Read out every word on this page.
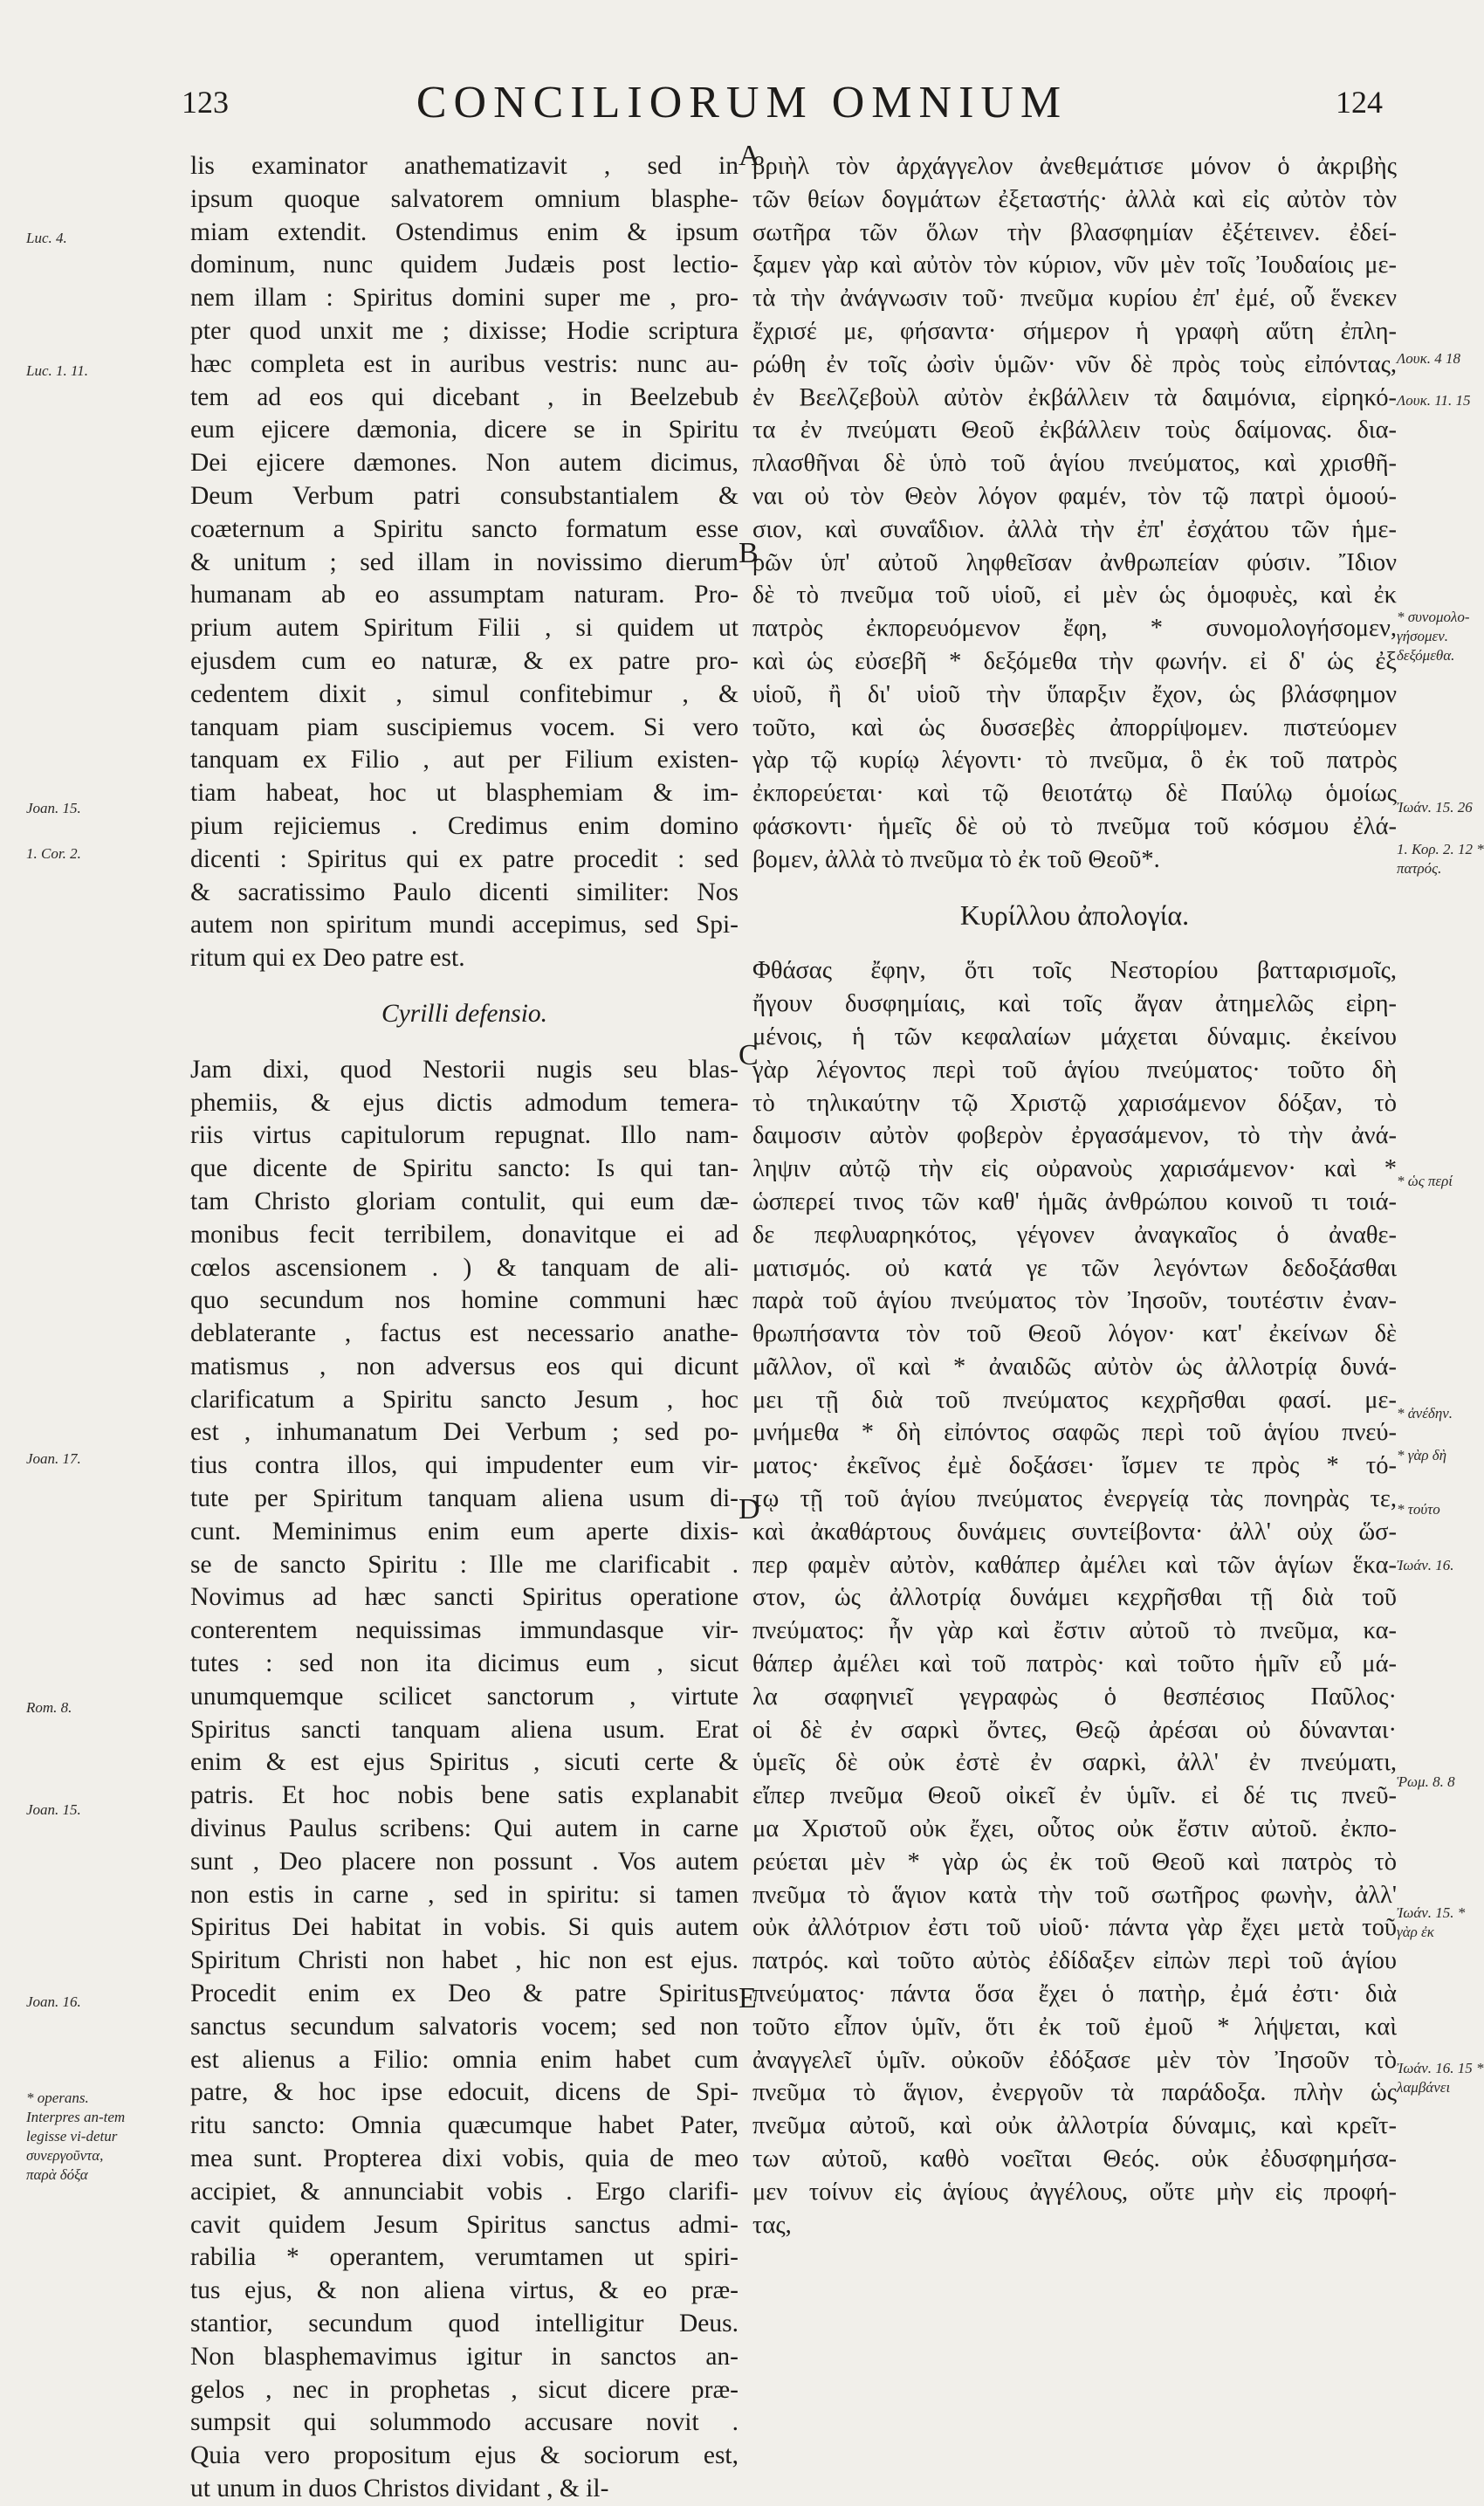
123	CONCILIORUM OMNIUM	124
A
B
C
D
E
lis examinator anathematizavit , sed in
ipsum quoque salvatorem omnium blasphe-
miam extendit. Ostendimus enim & ipsum
dominum, nunc quidem Judæis post lectio-
nem illam : Spiritus domini super me , pro-
pter quod unxit me ; dixisse; Hodie scriptura
hæc completa est in auribus vestris: nunc au-
tem ad eos qui dicebant , in Beelzebub
eum ejicere dæmonia, dicere se in Spiritu
Dei ejicere dæmones. Non autem dicimus,
Deum Verbum patri consubstantialem &
coæternum a Spiritu sancto formatum esse
& unitum ; sed illam in novissimo dierum
humanam ab eo assumptam naturam. Pro-
prium autem Spiritum Filii , si quidem ut
ejusdem cum eo naturæ, & ex patre pro-
cedentem dixit , simul confitebimur , &
tanquam piam suscipiemus vocem. Si vero
tanquam ex Filio , aut per Filium existen-
tiam habeat, hoc ut blasphemiam & im-
pium rejiciemus . Credimus enim domino
dicenti : Spiritus qui ex patre procedit : sed
& sacratissimo Paulo dicenti similiter: Nos
autem non spiritum mundi accepimus, sed Spi-
ritum qui ex Deo patre est.
Cyrilli defensio.
Jam dixi, quod Nestorii nugis seu blas-
phemiis, & ejus dictis admodum temera-
riis virtus capitulorum repugnat. Illo nam-
que dicente de Spiritu sancto: Is qui tan-
tam Christo gloriam contulit, qui eum dæ-
monibus fecit terribilem, donavitque ei ad
cœlos ascensionem . ) & tanquam de ali-
quo secundum nos homine communi hæc
deblaterante , factus est necessario anathe-
matismus , non adversus eos qui dicunt
clarificatum a Spiritu sancto Jesum , hoc
est , inhumanatum Dei Verbum ; sed po-
tius contra illos, qui impudenter eum vir-
tute per Spiritum tanquam aliena usum di-
cunt. Meminimus enim eum aperte dixis-
se de sancto Spiritu : Ille me clarificabit .
Novimus ad hæc sancti Spiritus operatione
conterentem nequissimas immundasque vir-
tutes : sed non ita dicimus eum , sicut
unumquemque scilicet sanctorum , virtute
Spiritus sancti tanquam aliena usum. Erat
enim & est ejus Spiritus , sicuti certe &
patris. Et hoc nobis bene satis explanabit
divinus Paulus scribens: Qui autem in carne
sunt , Deo placere non possunt . Vos autem
non estis in carne , sed in spiritu: si tamen
Spiritus Dei habitat in vobis. Si quis autem
Spiritum Christi non habet , hic non est ejus.
Procedit enim ex Deo & patre Spiritus
sanctus secundum salvatoris vocem; sed non
est alienus a Filio: omnia enim habet cum
patre, & hoc ipse edocuit, dicens de Spi-
ritu sancto: Omnia quæcumque habet Pater,
mea sunt. Propterea dixi vobis, quia de meo
accipiet, & annunciabit vobis . Ergo clarifi-
cavit quidem Jesum Spiritus sanctus admi-
rabilia * operantem, verumtamen ut spiri-
tus ejus, & non aliena virtus, & eo præ-
stantior, secundum quod intelligitur Deus.
Non blasphemavimus igitur in sanctos an-
gelos , nec in prophetas , sicut dicere præ-
sumpsit qui solummodo accusare novit .
Quia vero propositum ejus & sociorum est,
ut unum in duos Christos dividant , & il-
βριὴλ τὸν ἀρχάγγελον ἀνεθεμάτισε μόνον ὁ ἀκριβὴς
τῶν θείων δογμάτων ἐξεταστής· ἀλλὰ καὶ εἰς αὐτὸν τὸν
σωτῆρα τῶν ὅλων τὴν βλασφημίαν ἐξέτεινεν. ἐδεί-
ξαμεν γὰρ καὶ αὐτὸν τὸν κύριον, νῦν μὲν τοῖς Ἰουδαίοις με-
τὰ τὴν ἀνάγνωσιν τοῦ· πνεῦμα κυρίου ἐπ' ἐμέ, οὗ ἕνεκεν
ἔχρισέ με, φήσαντα· σήμερον ἡ γραφὴ αὕτη ἐπλη-
ρώθη ἐν τοῖς ὠσὶν ὑμῶν· νῦν δὲ πρὸς τοὺς εἰπόντας,
ἐν Βεελζεβοὺλ αὐτὸν ἐκβάλλειν τὰ δαιμόνια, εἰρηκό-
τα ἐν πνεύματι Θεοῦ ἐκβάλλειν τοὺς δαίμονας. δια-
πλασθῆναι δὲ ὑπὸ τοῦ ἁγίου πνεύματος, καὶ χρισθῆ-
ναι οὐ τὸν Θεὸν λόγον φαμέν, τὸν τῷ πατρὶ ὁμοού-
σιον, καὶ συναΐδιον. ἀλλὰ τὴν ἐπ' ἐσχάτου τῶν ἡμε-
ρῶν ὑπ' αὐτοῦ ληφθεῖσαν ἀνθρωπείαν φύσιν. Ἴδιον
δὲ τὸ πνεῦμα τοῦ υἱοῦ, εἰ μὲν ὡς ὁμοφυὲς, καὶ ἐκ
πατρὸς ἐκπορευόμενον ἔφη, * συνομολογήσομεν,
καὶ ὡς εὐσεβῆ * δεξόμεθα τὴν φωνήν. εἰ δ' ὡς ἐξ
υἱοῦ, ἢ δι' υἱοῦ τὴν ὕπαρξιν ἔχον, ὡς βλάσφημον
τοῦτο, καὶ ὡς δυσσεβὲς ἀπορρίψομεν. πιστεύομεν
γὰρ τῷ κυρίῳ λέγοντι· τὸ πνεῦμα, ὃ ἐκ τοῦ πατρὸς
ἐκπορεύεται· καὶ τῷ θειοτάτῳ δὲ Παύλῳ ὁμοίως
φάσκοντι· ἡμεῖς δὲ οὐ τὸ πνεῦμα τοῦ κόσμου ἐλά-
βομεν, ἀλλὰ τὸ πνεῦμα τὸ ἐκ τοῦ Θεοῦ*.
Κυρίλλου ἀπολογία.
Φθάσας ἔφην, ὅτι τοῖς Νεστορίου βατταρισμοῖς,
ἤγουν δυσφημίαις, καὶ τοῖς ἄγαν ἀτημελῶς εἰρη-
μένοις, ἡ τῶν κεφαλαίων μάχεται δύναμις. ἐκείνου
γὰρ λέγοντος περὶ τοῦ ἁγίου πνεύματος· τοῦτο δὴ
τὸ τηλικαύτην τῷ Χριστῷ χαρισάμενον δόξαν, τὸ
δαιμοσιν αὐτὸν φοβερὸν ἐργασάμενον, τὸ τὴν ἀνά-
ληψιν αὐτῷ τὴν εἰς οὐρανοὺς χαρισάμενον· καὶ *
ὡσπερεί τινος τῶν καθ' ἡμᾶς ἀνθρώπου κοινοῦ τι τοιά-
δε πεφλυαρηκότος, γέγονεν ἀναγκαῖος ὁ ἀναθε-
ματισμός. οὐ κατά γε τῶν λεγόντων δεδοξάσθαι
παρὰ τοῦ ἁγίου πνεύματος τὸν Ἰησοῦν, τουτέστιν ἐναν-
θρωπήσαντα τὸν τοῦ Θεοῦ λόγον· κατ' ἐκείνων δὲ
μᾶλλον, οἳ καὶ * ἀναιδῶς αὐτὸν ὡς ἀλλοτρίᾳ δυνά-
μει τῇ διὰ τοῦ πνεύματος κεχρῆσθαι φασί. με-
μνήμεθα * δὴ εἰπόντος σαφῶς περὶ τοῦ ἁγίου πνεύ-
ματος· ἐκεῖνος ἐμὲ δοξάσει· ἴσμεν τε πρὸς * τό-
τῳ τῇ τοῦ ἁγίου πνεύματος ἐνεργείᾳ τὰς πονηρὰς τε,
καὶ ἀκαθάρτους δυνάμεις συντείβοντα· ἀλλ' οὐχ ὥσ-
περ φαμὲν αὐτὸν, καθάπερ ἀμέλει καὶ τῶν ἁγίων ἕκα-
στον, ὡς ἀλλοτρίᾳ δυνάμει κεχρῆσθαι τῇ διὰ τοῦ
πνεύματος: ἦν γὰρ καὶ ἔστιν αὐτοῦ τὸ πνεῦμα, κα-
θάπερ ἀμέλει καὶ τοῦ πατρὸς· καὶ τοῦτο ἡμῖν εὖ μά-
λα σαφηνιεῖ γεγραφὼς ὁ θεσπέσιος Παῦλος·
οἱ δὲ ἐν σαρκὶ ὄντες, Θεῷ ἀρέσαι οὐ δύνανται·
ὑμεῖς δὲ οὐκ ἐστὲ ἐν σαρκὶ, ἀλλ' ἐν πνεύματι,
εἴπερ πνεῦμα Θεοῦ οἰκεῖ ἐν ὑμῖν. εἰ δέ τις πνεῦ-
μα Χριστοῦ οὐκ ἔχει, οὗτος οὐκ ἔστιν αὐτοῦ. ἐκπο-
ρεύεται μὲν * γὰρ ὡς ἐκ τοῦ Θεοῦ καὶ πατρὸς τὸ
πνεῦμα τὸ ἅγιον κατὰ τὴν τοῦ σωτῆρος φωνὴν, ἀλλ'
οὐκ ἀλλότριον ἐστι τοῦ υἱοῦ· πάντα γὰρ ἔχει μετὰ τοῦ
πατρός. καὶ τοῦτο αὐτὸς ἐδίδαξεν εἰπὼν περὶ τοῦ ἁγίου
πνεύματος· πάντα ὅσα ἔχει ὁ πατὴρ, ἐμά ἐστι· διὰ
τοῦτο εἶπον ὑμῖν, ὅτι ἐκ τοῦ ἐμοῦ * λήψεται, καὶ
ἀναγγελεῖ ὑμῖν. οὐκοῦν ἐδόξασε μὲν τὸν Ἰησοῦν τὸ
πνεῦμα τὸ ἅγιον, ἐνεργοῦν τὰ παράδοξα. πλὴν ὡς
πνεῦμα αὐτοῦ, καὶ οὐκ ἀλλοτρία δύναμις, καὶ κρεῖτ-
των αὐτοῦ, καθὸ νοεῖται Θεός. οὐκ ἐδυσφημήσα-
μεν τοίνυν εἰς ἁγίους ἀγγέλους, οὔτε μὴν εἰς προφή-
τας,
Luc. 4.
Luc. 1. 11.
Joan. 15.
1. Cor. 2.
Joan. 17.
Rom. 8.
Joan. 15.
Joan. 16.
* operans. Interpres an-tem legisse vi-detur συνεργοῦντα, παρὰ δόξα
Λουκ. 4 18
Λουκ. 11. 15
* συνομολο-γήσομεν. δεξόμεθα.
Ἰωάν. 15. 26
1. Κορ. 2. 12 * πατρός.
* ὡς περί
* ἀνέδην.
* γὰρ δὴ
* τούτο
Ἰωάν. 16.
Ῥωμ. 8. 8
Ἰωάν. 15. * γὰρ ἐκ
Ἰωάν. 16. 15 * λαμβάνει
